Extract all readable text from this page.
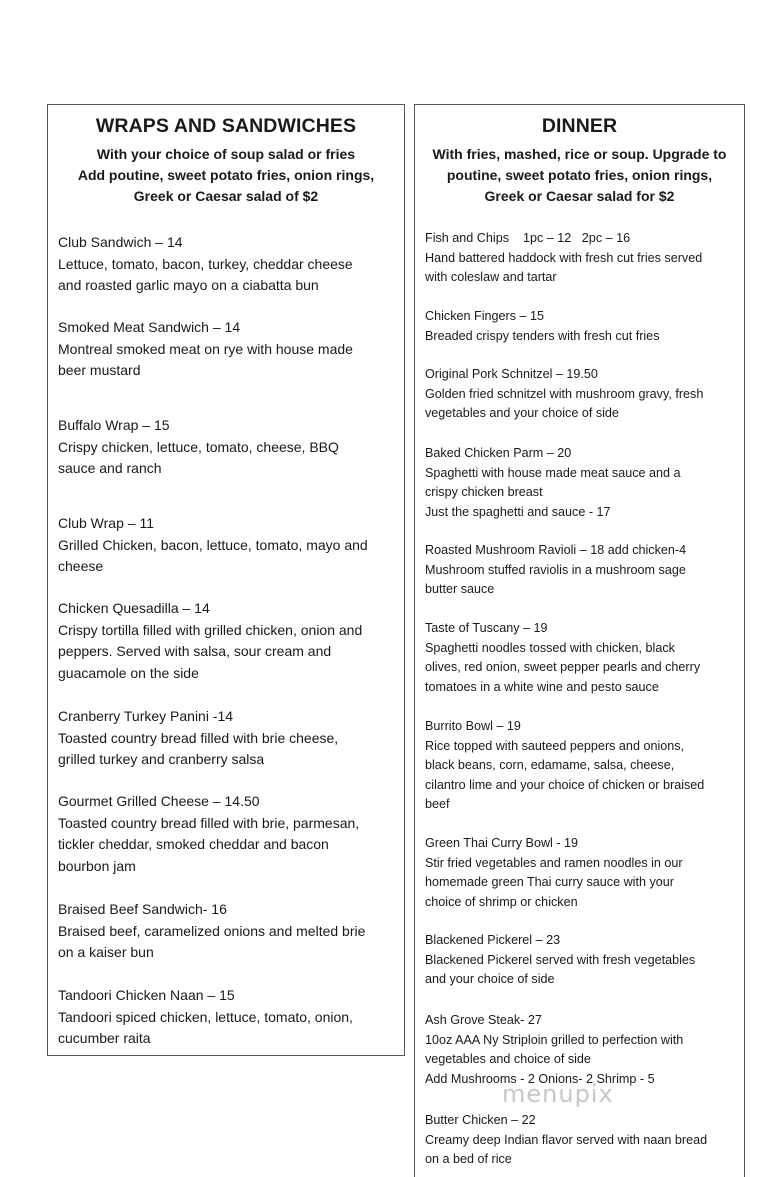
WRAPS AND SANDWICHES
With your choice of soup salad or fries
Add poutine, sweet potato fries, onion rings,
Greek or Caesar salad of $2
Club Sandwich – 14
Lettuce, tomato, bacon, turkey, cheddar cheese
and roasted garlic mayo on a ciabatta bun
Smoked Meat Sandwich – 14
Montreal smoked meat on rye with house made
beer mustard
Buffalo Wrap – 15
Crispy chicken, lettuce, tomato, cheese, BBQ
sauce and ranch
Club Wrap – 11
Grilled Chicken, bacon, lettuce, tomato, mayo and
cheese
Chicken Quesadilla – 14
Crispy tortilla filled with grilled chicken, onion and
peppers. Served with salsa, sour cream and
guacamole on the side
Cranberry Turkey Panini -14
Toasted country bread filled with brie cheese,
grilled turkey and cranberry salsa
Gourmet Grilled Cheese – 14.50
Toasted country bread filled with brie, parmesan,
tickler cheddar, smoked cheddar and bacon
bourbon jam
Braised Beef Sandwich- 16
Braised beef, caramelized onions and melted brie
on a kaiser bun
Tandoori Chicken Naan – 15
Tandoori spiced chicken, lettuce, tomato, onion,
cucumber raita
DINNER
With fries, mashed, rice or soup. Upgrade to
poutine, sweet potato fries, onion rings,
Greek or Caesar salad for $2
Fish and Chips    1pc – 12   2pc – 16
Hand battered haddock with fresh cut fries served
with coleslaw and tartar
Chicken Fingers – 15
Breaded crispy tenders with fresh cut fries
Original Pork Schnitzel – 19.50
Golden fried schnitzel with mushroom gravy, fresh
vegetables and your choice of side
Baked Chicken Parm – 20
Spaghetti with house made meat sauce and a
crispy chicken breast
Just the spaghetti and sauce - 17
Roasted Mushroom Ravioli – 18 add chicken-4
Mushroom stuffed raviolis in a mushroom sage
butter sauce
Taste of Tuscany – 19
Spaghetti noodles tossed with chicken, black
olives, red onion, sweet pepper pearls and cherry
tomatoes in a white wine and pesto sauce
Burrito Bowl – 19
Rice topped with sauteed peppers and onions,
black beans, corn, edamame, salsa, cheese,
cilantro lime and your choice of chicken or braised
beef
Green Thai Curry Bowl - 19
Stir fried vegetables and ramen noodles in our
homemade green Thai curry sauce with your
choice of shrimp or chicken
Blackened Pickerel – 23
Blackened Pickerel served with fresh vegetables
and your choice of side
Ash Grove Steak- 27
10oz AAA Ny Striploin grilled to perfection with
vegetables and choice of side
Add Mushrooms - 2 Onions- 2 Shrimp - 5
Butter Chicken – 22
Creamy deep Indian flavor served with naan bread
on a bed of rice
menupix
